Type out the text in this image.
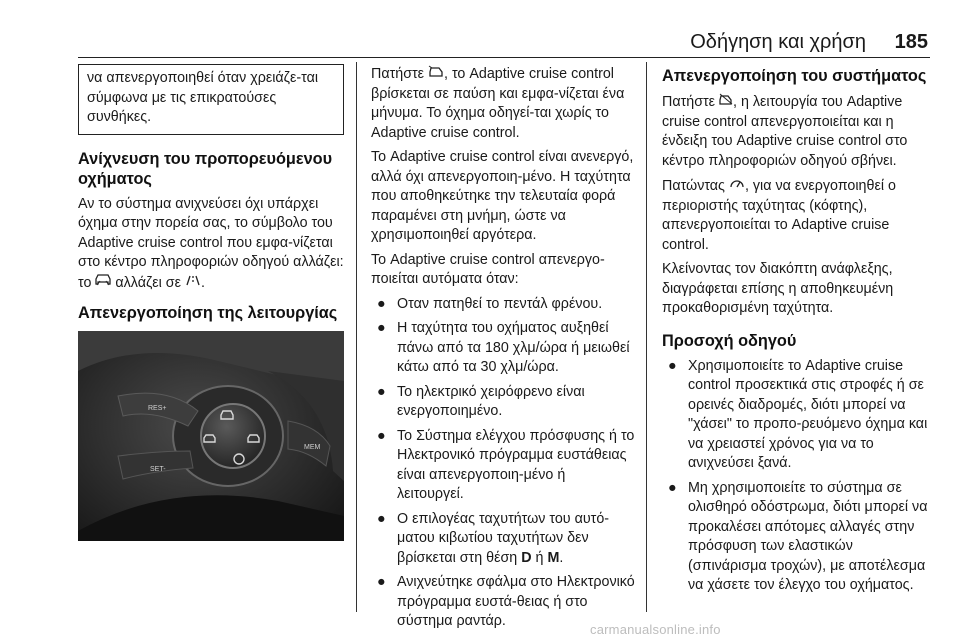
Οδήγηση και χρήση 185
να απενεργοποιηθεί όταν χρειάζε-ται σύμφωνα με τις επικρατούσες συνθήκες.
Ανίχνευση του προπορευόμενου οχήματος

Αν το σύστημα ανιχνεύσει όχι υπάρχει όχημα στην πορεία σας, το σύμβολο του Adaptive cruise control που εμφα-νίζεται στο κέντρο πληροφοριών οδηγού αλλάζει: το αλλάζει σε .

Απενεργοποίηση της λειτουργίας
RES+
SET-
MEM

Πατήστε , το Adaptive cruise control βρίσκεται σε παύση και εμφα-νίζεται ένα μήνυμα. Το όχημα οδηγεί-ται χωρίς το Adaptive cruise control.

Το Adaptive cruise control είναι ανενεργό, αλλά όχι απενεργοποιη-μένο. Η ταχύτητα που αποθηκεύτηκε την τελευταία φορά παραμένει στη μνήμη, ώστε να χρησιμοποιηθεί αργότερα.

Το Adaptive cruise control απενεργο-ποιείται αυτόματα όταν:

● Οταν πατηθεί το πεντάλ φρένου.
● Η ταχύτητα του οχήματος αυξηθεί πάνω από τα 180 χλμ/ώρα ή μειωθεί κάτω από τα 30 χλμ/ώρα.
● Το ηλεκτρικό χειρόφρενο είναι ενεργοποιημένο.
● Το Σύστημα ελέγχου πρόσφυσης ή το Ηλεκτρονικό πρόγραμμα ευστάθειας είναι απενεργοποιη-μένο ή λειτουργεί.
● Ο επιλογέας ταχυτήτων του αυτό-ματου κιβωτίου ταχυτήτων δεν βρίσκεται στη θέση D ή M.
● Ανιχνεύτηκε σφάλμα στο Ηλεκτρονικό πρόγραμμα ευστά-θειας ή στο σύστημα ραντάρ.
Απενεργοποίηση του συστήματος

Πατήστε , η λειτουργία του Adaptive cruise control απενεργοποιείται και η ένδειξη του Adaptive cruise control στο κέντρο πληροφοριών οδηγού σβήνει.

Πατώντας , για να ενεργοποιηθεί ο περιοριστής ταχύτητας (κόφτης), απενεργοποιείται το Adaptive cruise control.

Κλείνοντας τον διακόπτη ανάφλεξης, διαγράφεται επίσης η αποθηκευμένη προκαθορισμένη ταχύτητα.

Προσοχή οδηγού
● Χρησιμοποιείτε το Adaptive cruise control προσεκτικά στις στροφές ή σε ορεινές διαδρομές, διότι μπορεί να "χάσει" το προπο-ρευόμενο όχημα και να χρειαστεί χρόνος για να το ανιχνεύσει ξανά.
● Μη χρησιμοποιείτε το σύστημα σε ολισθηρό οδόστρωμα, διότι μπορεί να προκαλέσει απότομες αλλαγές στην πρόσφυση των ελαστικών (σπινάρισμα τροχών), με αποτέλεσμα να χάσετε τον έλεγχο του οχήματος.
carmanualsonline.info
